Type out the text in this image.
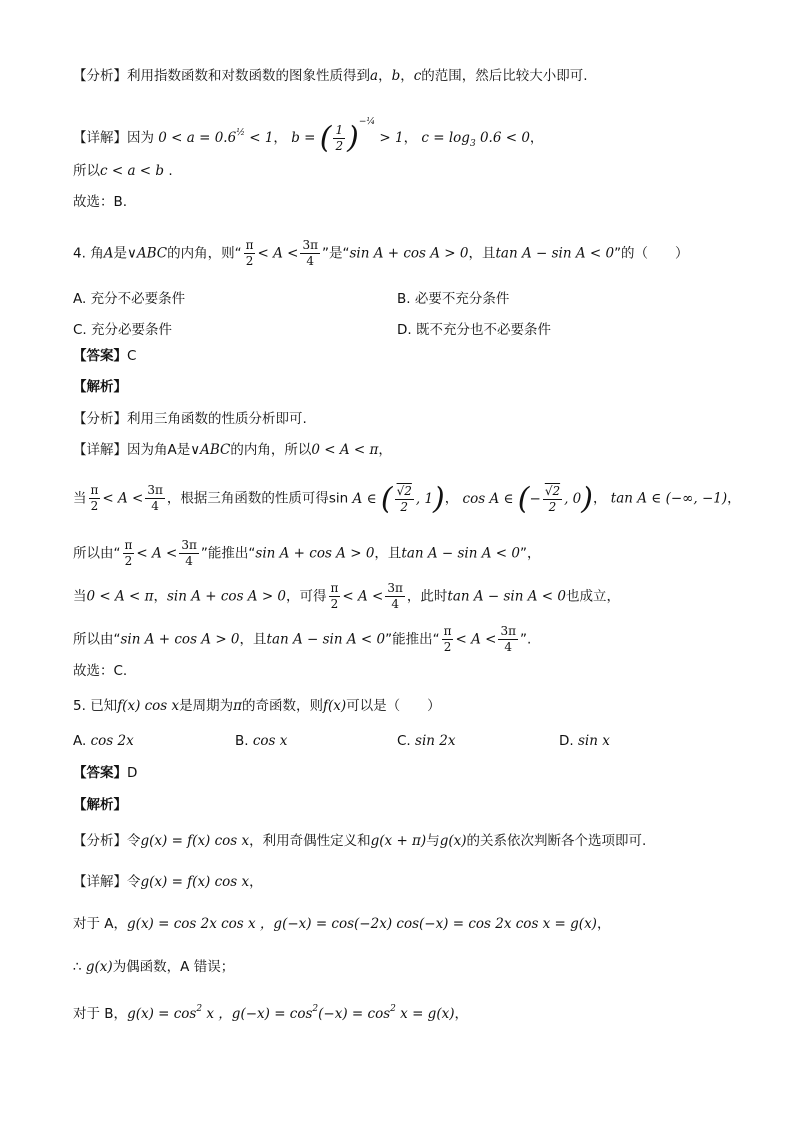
【分析】利用指数函数和对数函数的图象性质得到a，b，c的范围，然后比较大小即可.
【详解】因为 $0 < a = 0.6^{\frac{1}{2}} < 1$， b = ( $\frac{1}{2} )^{-\frac{1}{4}} > 1$， $c = \log_3 0.6 < 0$，
所以c < a < b .
故选：B.
4. 角A是∨ABC的内角，则“ $\frac{\pi}{2} < A < \frac{3\pi}{4}$ ”是“sin A + cos A > 0，且tan A − sin A < 0”的（　　）
A. 充分不必要条件	B. 必要不充分条件
C. 充分必要条件	D. 既不充分也不必要条件
【答案】C
【解析】
【分析】利用三角函数的性质分析即可.
【详解】因为角A是∨ABC的内角，所以0 < A < π，
当 $\frac{\pi}{2} < A < \frac{3\pi}{4}$ ，根据三角函数的性质可得sin A ∈ ( $\frac{√2}{2}$ , 1)， cos A ∈ (− $\frac{√2}{2}$ , 0)， tan A ∈ (−∞, −1)，
所以由“ $\frac{\pi}{2} < A < \frac{3\pi}{4}$ ”能推出“sin A + cos A > 0，且tan A − sin A < 0”，
当0 < A < π，sin A + cos A > 0，可得 $\frac{\pi}{2} < A < \frac{3\pi}{4}$ ，此时tan A − sin A < 0也成立，
所以由“sin A + cos A > 0，且tan A − sin A < 0”能推出“ $\frac{\pi}{2} < A < \frac{3\pi}{4}$ ”.
故选：C.
5. 已知f(x) cos x是周期为π的奇函数，则f(x)可以是（　　）
A. cos 2x	B. cos x	C. sin 2x	D. sin x
【答案】D
【解析】
【分析】令g(x) = f(x) cos x，利用奇偶性定义和g(x + π)与g(x)的关系依次判断各个选项即可.
【详解】令g(x) = f(x) cos x，
对于 A，g(x) = cos 2x cos x ，g(−x) = cos(−2x) cos(−x) = cos 2x cos x = g(x)，
∴ g(x)为偶函数，A 错误；
对于 B，$g(x) = \cos^2 x$ ，$g(-x) = \cos^2(-x) = \cos^2 x = g(x)$，
